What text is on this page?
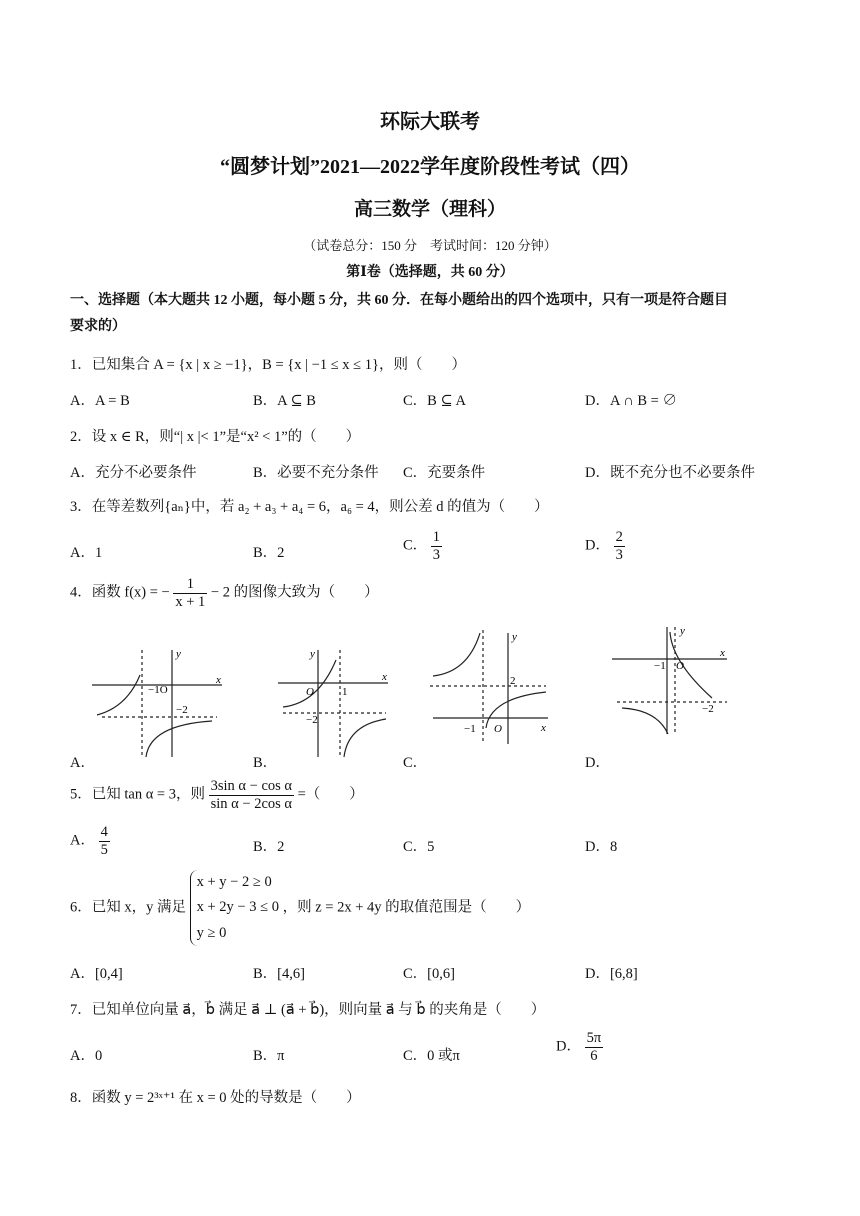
环际大联考
“圆梦计划”2021—2022学年度阶段性考试（四）
高三数学（理科）
（试卷总分：150 分　考试时间：120 分钟）
第Ⅰ卷（选择题，共 60 分）
一、选择题（本大题共 12 小题，每小题 5 分，共 60 分．在每小题给出的四个选项中，只有一项是符合题目
要求的）
1．已知集合 A = {x | x ≥ −1}，B = {x | −1 ≤ x ≤ 1}，则（　　）
A．A = B	B．A ⊆ B	C．B ⊆ A	D．A ∩ B = ∅
2．设 x ∈ R，则“| x |< 1”是“x² < 1”的（　　）
A．充分不必要条件	B．必要不充分条件 C．充要条件	D．既不充分也不必要条件
3．在等差数列{aₙ}中，若 a₂ + a₃ + a₄ = 6，a₆ = 4，则公差 d 的值为（　　）
A．1	B．2	C． $\frac{1}{3}$	D． $\frac{2}{3}$
4．函数 f(x) = − $\frac{1}{x + 1} - 2$ 的图像大致为（　　）
y
x
−1O
−2
y
x
O	1
−2
y
x
2
−1 O
y
x
−1 O
−2
A．	B．	C．	D．
5．已知 tan α = 3，则 $\frac{\text{3sin α − cos α}}{\text{sin α − 2cos α}}$ =（　　）
A． $\frac{4}{5}$	B．2	C．5	D．8
6．已知 x，y 满足
x + y − 2 ≥ 0
x + 2y − 3 ≤ 0
y ≥ 0
，则 z = 2x + 4y 的取值范围是（　　）
A．[0,4]	B．[4,6]	C．[0,6]	D．[6,8]
7．已知单位向量 a⃗，b⃗ 满足 a⃗ ⊥ (a⃗ + b⃗)，则向量 a⃗ 与 b⃗ 的夹角是（　　）
A．0	B．π	C．0 或π
D． $\frac{5\pi}{6}$
8．函数 y = 2³ˣ⁺¹ 在 x = 0 处的导数是（　　）
